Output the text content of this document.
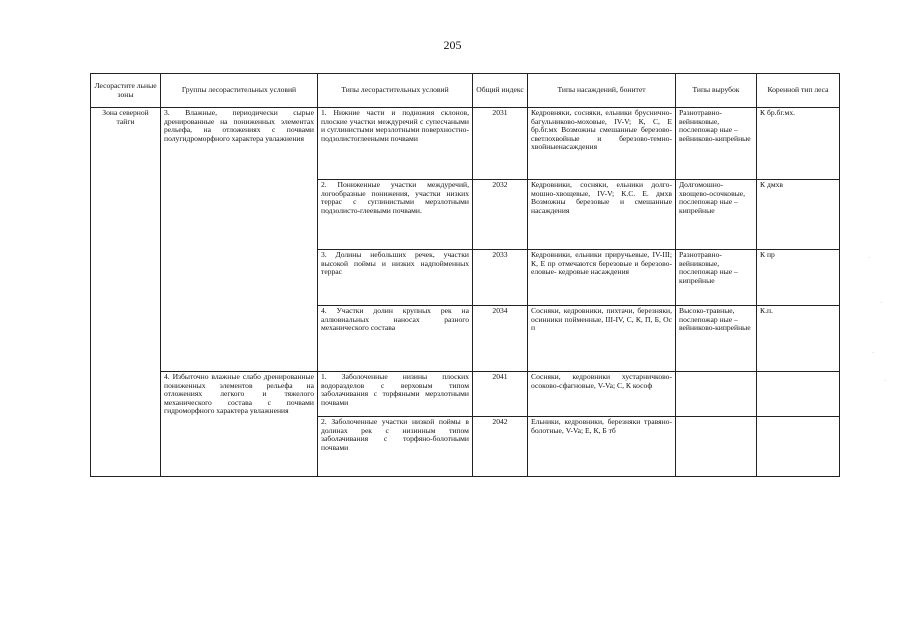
205
Лесорастите льные зоны	Группы лесорастительных условий	Типы лесорастительных условий	Общий индекс	Типы насаждений, бонитет	Типы вырубок	Коренной тип леса
Зона северной тайги	3. Влажные, периодически сырые дренированные на пониженных элементах рельефа, на отложениях с почвами полугидроморфного характера увлажнения	1. Нижние части и подножия склонов, плоские участки междуречий с супесчаными и суглинистыми мерзлотными поверхностно-подзолистоглееными почвами	2031	Кедровняки, сосняки, ельники бруснично-багульниково-моховые, IV-V; К, С, Е бр.бг.мх Возможны смешанные березово-светлохвойные и березово-темно-хвойныенасаждения	Разнотравно-вейниковые, послепожар ные – вейниково-кипрейные	К бр.бг.мх.
		2. Пониженные участки междуречий, логообразные понижения, участки низких террас с суглинистыми мерзлотными подзолисто-глеевыми почвами.	2032	Кедровники, сосняки, ельники долго-мошно-хвощевые, IV-V; К.С. Е. дмхв Возможны березовые и смешанные насаждения	Долгомошно-хвощево-осочковые, послепожар ные – кипрейные	К дмхв
		3. Долины небольших речек, участки высокой поймы и низких надпойменных террас	2033	Кедровники, ельники приручьевые, IV-III; К, Е пр отмечаются березовые и березово-еловые- кедровые насаждения	Разнотравно-вейниковые, послепожар ные – кипрейные	К пр
		4. Участки долин крупных рек на аллювиальных наносах разного механического состава	2034	Сосняки, кедровники, пихтачи, березняки, осинники пойменные, III-IV, С, К, П, Б, Ос п	Высоко-травные, послепожар ные – вейниково-кипрейные	К.п.
	4. Избыточно влажные слабо дренированные пониженных элементов рельефа на отложениях легкого и тяжелого механического состава с почвами гидроморфного характера увлажнения	1. Заболоченные низины плоских водоразделов с верховым типом заболачивания с торфяными мерзлотными почвами	2041	Сосняки, кедровники хустарничково-осоково-сфагновые, V-Va; С, К кософ		
		2. Заболоченные участки низкой поймы в долинах рек с низинным типом заболачивания с торфяно-болотными почвами	2042	Ельники, кедровники, березняки травяно-болотные, V-Va; Е, К, Б тб		
·
·
·
·
